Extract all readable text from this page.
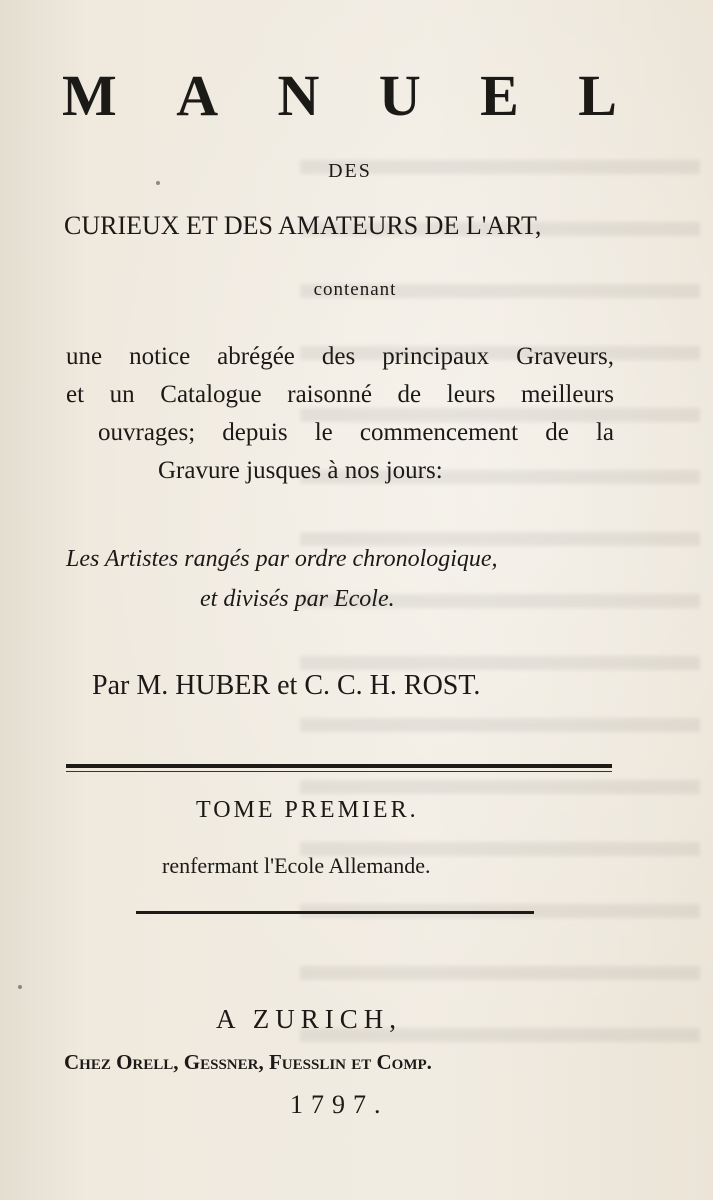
M A N U E L
DES
CURIEUX ET DES AMATEURS DE L'ART,
contenant
une notice abrégée des principaux Graveurs,
et un Catalogue raisonné de leurs meilleurs
ouvrages; depuis le commencement de la
Gravure jusques à nos jours:
Les Artistes rangés par ordre chronologique,
et divisés par Ecole.
Par M. HUBER et C. C. H. ROST.
TOME PREMIER.
renfermant l'Ecole Allemande.
A ZURICH,
Chez Orell, Gessner, Fuesslin et Comp.
1797.
